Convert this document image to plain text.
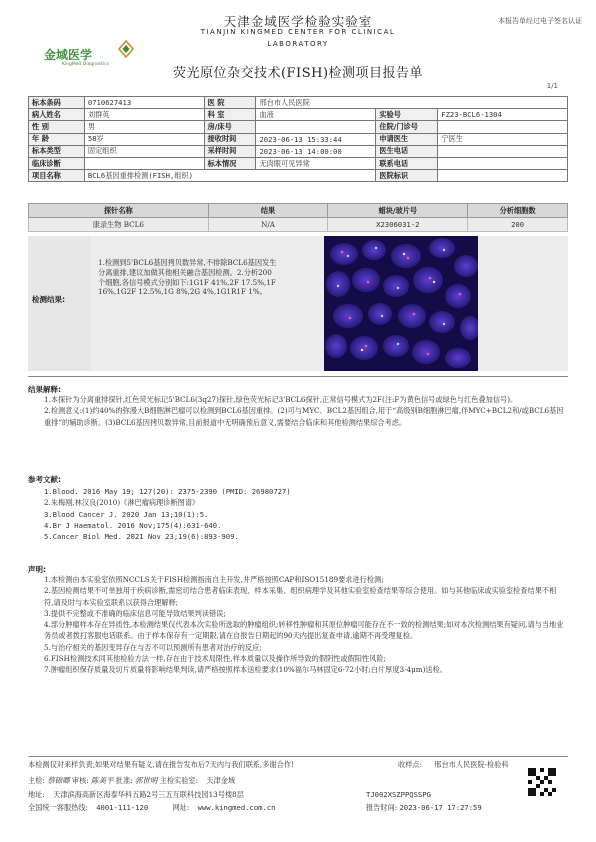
本报告单经过电子签名认证
天津金域医学检验实验室
TIANJIN KINGMED CENTER FOR CLINICAL
LABORATORY
金域医学
KingMed Diagnostics
荧光原位杂交技术(FISH)检测项目报告单
1/1
标本条码	0710627413	医 院	邢台市人民医院		
病人姓名	刘群英	科 室	血液	实验号	FZ23-BCL6-1304
性 别	男	房/床号		住院/门诊号	
年 龄	58岁	接收时间	2023-06-13 15:33:44	申请医生	宁医生
标本类型	固定组织	采样时间	2023-06-13 14:00:00	医生电话	
临床诊断		标本情况	无肉眼可见异常	联系电话	
项目名称	BCL6基因重排检测(FISH,组织)			医院标识	
探针名称	结果	蜡块/玻片号	分析细胞数
康录生物 BCL6	N/A	X2306031-2	200
检测结果:
1.检测到5'BCL6基因拷贝数异常,不排除BCL6基因发生分离重排,建议加做其他相关融合基因检测。2.分析200个细胞,各信号模式分别如下:1G1F 41%,2F 17.5%,1F 16%,1G2F 12.5%,1G 8%,2G 4%,1G1R1F 1%。
结果解释:

1.本探针为分离重排探针,红色荧光标记5'BCL6(3q27)探针,绿色荧光标记3'BCL6探针,正常信号模式为2F(注:F为黄色信号或绿色与红色叠加信号)。

2.检测意义:(1)约40%的弥漫大B细胞淋巴瘤可以检测到BCL6基因重排。(2)可与MYC、BCL2基因组合,用于“高级别B细胞淋巴瘤,伴MYC+BCL2和/或BCL6基因重排”的辅助诊断。(3)BCL6基因拷贝数异常,目前报道中无明确预后意义,需要结合临床和其他检测结果综合考虑。

参考文献:

1.Blood. 2016 May 19; 127(20): 2375-2390 (PMID: 26980727)

2.朱梅刚,林汉良(2010)《淋巴瘤病理诊断图谱》

3.Blood Cancer J. 2020 Jan 13;10(1):5.

4.Br J Haematol. 2016 Nov;175(4):631-640.

5.Cancer Biol Med. 2021 Nov 23;19(6):893-909.

声明:

1.本检测由本实验室依照NCCLS关于FISH检测指南自主开发,并严格按照CAP和ISO15189要求进行检测;

2.基因检测结果不可单独用于疾病诊断,需密切结合患者临床表现、样本采集、组织病理学及其他实验室检查结果等综合使用。如与其他临床或实验室检查结果不相符,请及时与本实验室联系以获得合理解释;

3.提供不完整或不准确的临床信息可能导致结果判读错误;

4.部分肿瘤样本存在异质性,本检测结果仅代表本次实验所选取的肿瘤组织;转移性肿瘤和其原位肿瘤可能存在不一致的检测结果;如对本次检测结果有疑问,请与当地业务员或者拨打客服电话联系。由于样本保存有一定期限,请在自报告日期起的90天内提出复查申请,逾期不再受理复检。

5.与治疗相关的基因变异存在与否不可以预测所有患者对治疗的反应;

6.FISH检测技术同其他检验方法一样,存在由于技术局限性,样本质量以及操作所导致的假阴性或假阳性风险;

7.肿瘤组织保存质量及切片质量将影响结果判读,请严格按照样本送检要求(10%福尔马林固定6-72小时;白片厚度3-4μm)送检。

本检测仅对来样负责,如果对结果有疑义,请在报告发布后7天内与我们联系,多谢合作!	收样点: 邢台市人民医院-检验科
主检: 蔡锦卿 审核: 陈美平 批准: 郭世明 主检实验室: 天津金域
地址: 天津滨海高新区海泰华科五路2号三五互联科技园13号楼8层	TJ002XSZPPQSSPG
全国统一客服热线: 4001-111-120	网址: www.kingmed.com.cn	报告时间: 2023-06-17 17:27:59
